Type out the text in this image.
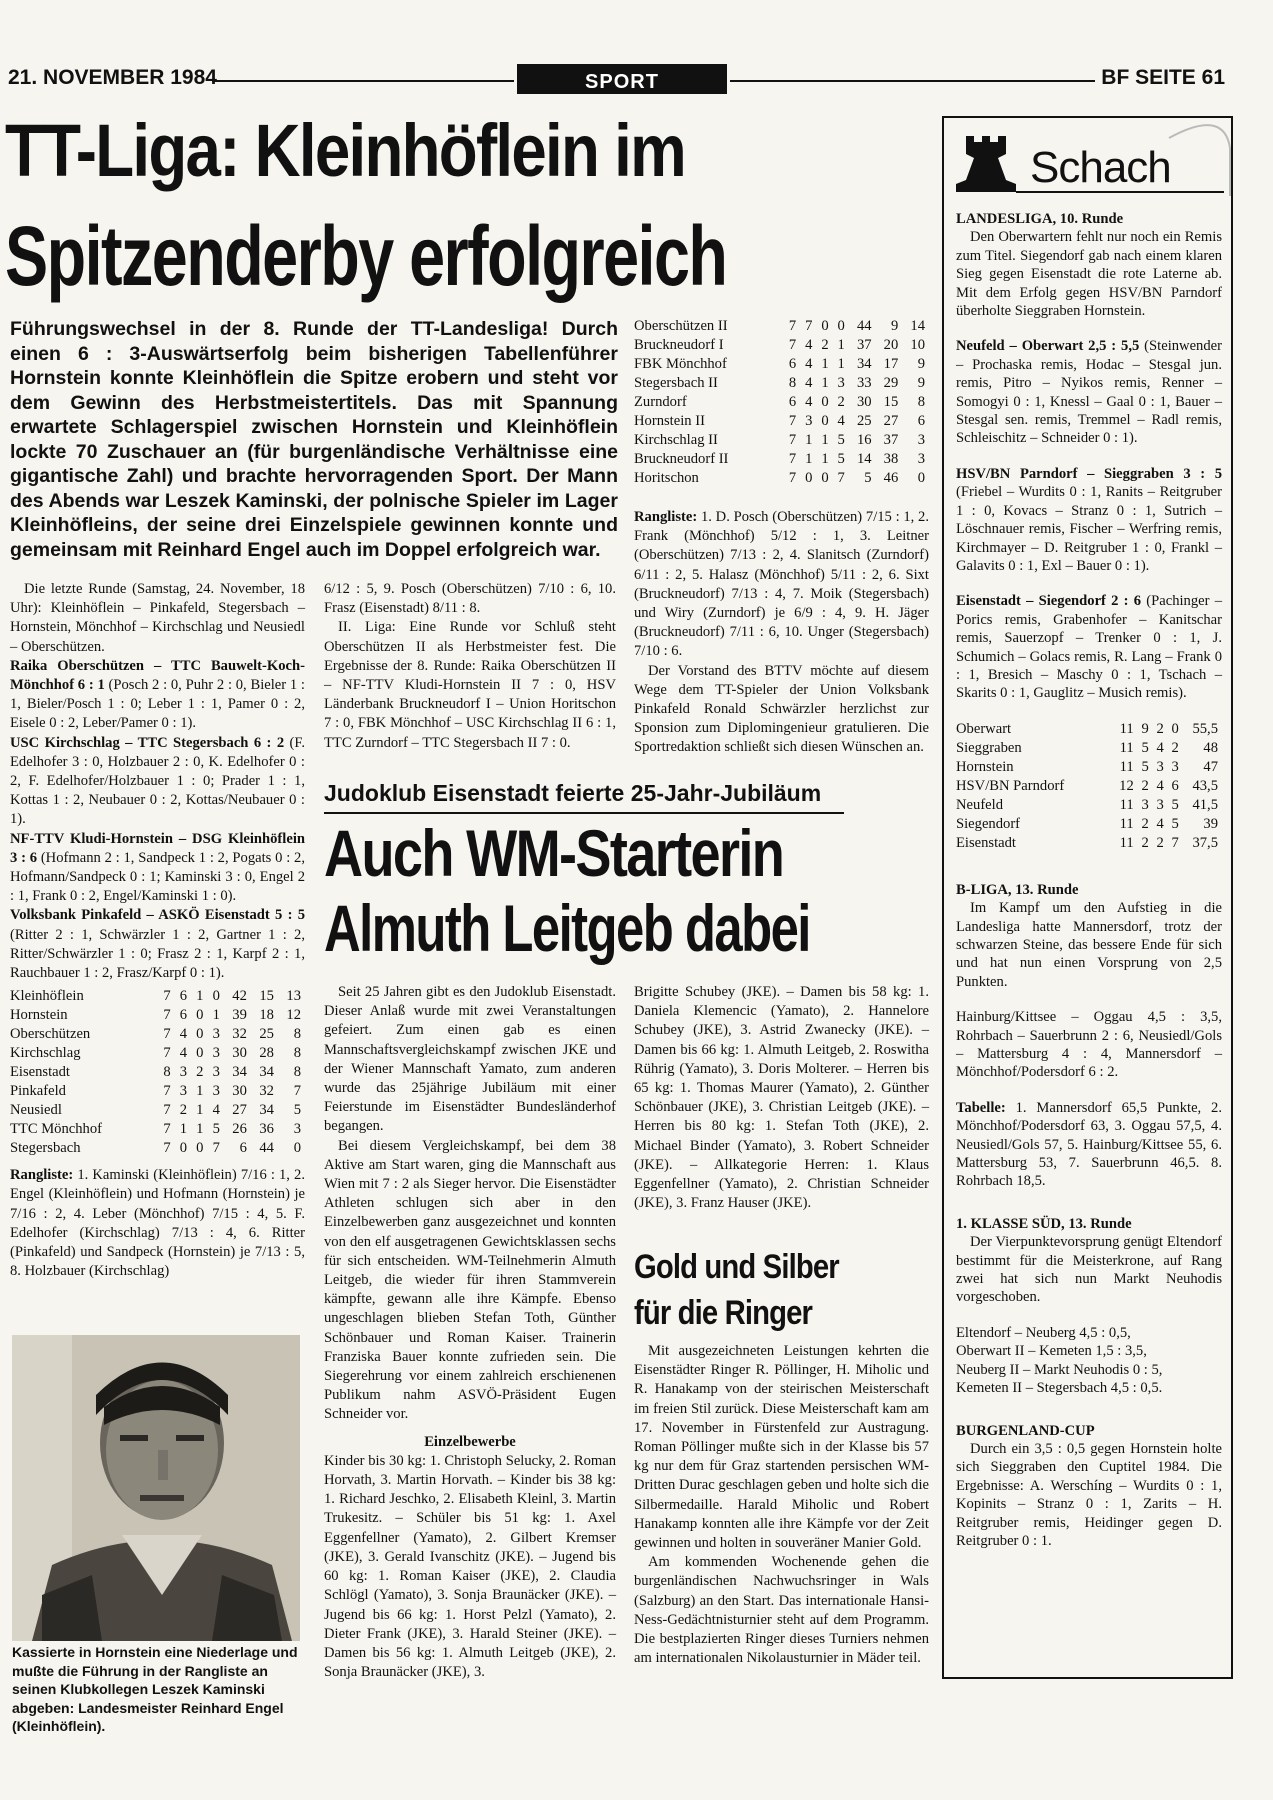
21. NOVEMBER 1984	SPORT	BF SEITE 61
TT-Liga: Kleinhöflein im
Spitzenderby erfolgreich
Führungswechsel in der 8. Runde der TT-Landesliga! Durch einen 6 : 3-Auswärtserfolg beim bisherigen Tabellenführer Hornstein konnte Kleinhöflein die Spitze erobern und steht vor dem Gewinn des Herbstmeistertitels. Das mit Spannung erwartete Schlagerspiel zwischen Hornstein und Kleinhöflein lockte 70 Zuschauer an (für burgenländische Verhältnisse eine gigantische Zahl) und brachte hervorragenden Sport. Der Mann des Abends war Leszek Kaminski, der polnische Spieler im Lager Kleinhöfleins, der seine drei Einzelspiele gewinnen konnte und gemeinsam mit Reinhard Engel auch im Doppel erfolgreich war.

Die letzte Runde (Samstag, 24. November, 18 Uhr): Kleinhöflein – Pinkafeld, Stegersbach – Hornstein, Mönchhof – Kirchschlag und Neusiedl – Oberschützen.

Raika Oberschützen – TTC Bauwelt-Koch-Mönchhof 6 : 1 (Posch 2 : 0, Puhr 2 : 0, Bieler 1 : 1, Bieler/Posch 1 : 0; Leber 1 : 1, Pamer 0 : 2, Eisele 0 : 2, Leber/Pamer 0 : 1).

USC Kirchschlag – TTC Stegersbach 6 : 2 (F. Edelhofer 3 : 0, Holzbauer 2 : 0, K. Edelhofer 0 : 2, F. Edelhofer/Holzbauer 1 : 0; Prader 1 : 1, Kottas 1 : 2, Neubauer 0 : 2, Kottas/Neubauer 0 : 1).

NF-TTV Kludi-Hornstein – DSG Kleinhöflein 3 : 6 (Hofmann 2 : 1, Sandpeck 1 : 2, Pogats 0 : 2, Hofmann/Sandpeck 0 : 1; Kaminski 3 : 0, Engel 2 : 1, Frank 0 : 2, Engel/Kaminski 1 : 0).

Volksbank Pinkafeld – ASKÖ Eisenstadt 5 : 5 (Ritter 2 : 1, Schwärzler 1 : 2, Gartner 1 : 2, Ritter/Schwärzler 1 : 0; Frasz 2 : 1, Karpf 2 : 1, Rauchbauer 1 : 2, Frasz/Karpf 0 : 1).

Kleinhöflein	7	6	1	0	42	15	13
Hornstein	7	6	0	1	39	18	12
Oberschützen	7	4	0	3	32	25	8
Kirchschlag	7	4	0	3	30	28	8
Eisenstadt	8	3	2	3	34	34	8
Pinkafeld	7	3	1	3	30	32	7
Neusiedl	7	2	1	4	27	34	5
TTC Mönchhof	7	1	1	5	26	36	3
Stegersbach	7	0	0	7	6	44	0

Rangliste: 1. Kaminski (Kleinhöflein) 7/16 : 1, 2. Engel (Kleinhöflein) und Hofmann (Hornstein) je 7/16 : 2, 4. Leber (Mönchhof) 7/15 : 4, 5. F. Edelhofer (Kirchschlag) 7/13 : 4, 6. Ritter (Pinkafeld) und Sandpeck (Hornstein) je 7/13 : 5, 8. Holzbauer (Kirchschlag)

6/12 : 5, 9. Posch (Oberschützen) 7/10 : 6, 10. Frasz (Eisenstadt) 8/11 : 8.

II. Liga: Eine Runde vor Schluß steht Oberschützen II als Herbstmeister fest. Die Ergebnisse der 8. Runde: Raika Oberschützen II – NF-TTV Kludi-Hornstein II 7 : 0, HSV Länderbank Bruckneudorf I – Union Horitschon 7 : 0, FBK Mönchhof – USC Kirchschlag II 6 : 1, TTC Zurndorf – TTC Stegersbach II 7 : 0.

Oberschützen II	7	7	0	0	44	9	14
Bruckneudorf I	7	4	2	1	37	20	10
FBK Mönchhof	6	4	1	1	34	17	9
Stegersbach II	8	4	1	3	33	29	9
Zurndorf	6	4	0	2	30	15	8
Hornstein II	7	3	0	4	25	27	6
Kirchschlag II	7	1	1	5	16	37	3
Bruckneudorf II	7	1	1	5	14	38	3
Horitschon	7	0	0	7	5	46	0

Rangliste: 1. D. Posch (Oberschützen) 7/15 : 1, 2. Frank (Mönchhof) 5/12 : 1, 3. Leitner (Oberschützen) 7/13 : 2, 4. Slanitsch (Zurndorf) 6/11 : 2, 5. Halasz (Mönchhof) 5/11 : 2, 6. Sixt (Bruckneudorf) 7/13 : 4, 7. Moik (Stegersbach) und Wiry (Zurndorf) je 6/9 : 4, 9. H. Jäger (Bruckneudorf) 7/11 : 6, 10. Unger (Stegersbach) 7/10 : 6.

Der Vorstand des BTTV möchte auf diesem Wege dem TT-Spieler der Union Volksbank Pinkafeld Ronald Schwärzler herzlichst zur Sponsion zum Diplomingenieur gratulieren. Die Sportredaktion schließt sich diesen Wünschen an.

Judoklub Eisenstadt feierte 25-Jahr-Jubiläum
Auch WM-Starterin
Almuth Leitgeb dabei

Seit 25 Jahren gibt es den Judoklub Eisenstadt. Dieser Anlaß wurde mit zwei Veranstaltungen gefeiert. Zum einen gab es einen Mannschaftsvergleichskampf zwischen JKE und der Wiener Mannschaft Yamato, zum anderen wurde das 25jährige Jubiläum mit einer Feierstunde im Eisenstädter Bundesländerhof begangen.

Bei diesem Vergleichskampf, bei dem 38 Aktive am Start waren, ging die Mannschaft aus Wien mit 7 : 2 als Sieger hervor. Die Eisenstädter Athleten schlugen sich aber in den Einzelbewerben ganz ausgezeichnet und konnten von den elf ausgetragenen Gewichtsklassen sechs für sich entscheiden. WM-Teilnehmerin Almuth Leitgeb, die wieder für ihren Stammverein kämpfte, gewann alle ihre Kämpfe. Ebenso ungeschlagen blieben Stefan Toth, Günther Schönbauer und Roman Kaiser. Trainerin Franziska Bauer konnte zufrieden sein. Die Siegerehrung vor einem zahlreich erschienenen Publikum nahm ASVÖ-Präsident Eugen Schneider vor.

Einzelbewerbe

Kinder bis 30 kg: 1. Christoph Selucky, 2. Roman Horvath, 3. Martin Horvath. – Kinder bis 38 kg: 1. Richard Jeschko, 2. Elisabeth Kleinl, 3. Martin Trukesitz. – Schüler bis 51 kg: 1. Axel Eggenfellner (Yamato), 2. Gilbert Kremser (JKE), 3. Gerald Ivanschitz (JKE). – Jugend bis 60 kg: 1. Roman Kaiser (JKE), 2. Claudia Schlögl (Yamato), 3. Sonja Braunäcker (JKE). – Jugend bis 66 kg: 1. Horst Pelzl (Yamato), 2. Dieter Frank (JKE), 3. Harald Steiner (JKE). – Damen bis 56 kg: 1. Almuth Leitgeb (JKE), 2. Sonja Braunäcker (JKE), 3.

Brigitte Schubey (JKE). – Damen bis 58 kg: 1. Daniela Klemencic (Yamato), 2. Hannelore Schubey (JKE), 3. Astrid Zwanecky (JKE). – Damen bis 66 kg: 1. Almuth Leitgeb, 2. Roswitha Rührig (Yamato), 3. Doris Molterer. – Herren bis 65 kg: 1. Thomas Maurer (Yamato), 2. Günther Schönbauer (JKE), 3. Christian Leitgeb (JKE). – Herren bis 80 kg: 1. Stefan Toth (JKE), 2. Michael Binder (Yamato), 3. Robert Schneider (JKE). – Allkategorie Herren: 1. Klaus Eggenfellner (Yamato), 2. Christian Schneider (JKE), 3. Franz Hauser (JKE).

Gold und Silber
für die Ringer

Mit ausgezeichneten Leistungen kehrten die Eisenstädter Ringer R. Pöllinger, H. Miholic und R. Hanakamp von der steirischen Meisterschaft im freien Stil zurück. Diese Meisterschaft kam am 17. November in Fürstenfeld zur Austragung. Roman Pöllinger mußte sich in der Klasse bis 57 kg nur dem für Graz startenden persischen WM-Dritten Durac geschlagen geben und holte sich die Silbermedaille. Harald Miholic und Robert Hanakamp konnten alle ihre Kämpfe vor der Zeit gewinnen und holten in souveräner Manier Gold.

Am kommenden Wochenende gehen die burgenländischen Nachwuchsringer in Wals (Salzburg) an den Start. Das internationale Hansi-Ness-Gedächtnisturnier steht auf dem Programm. Die bestplazierten Ringer dieses Turniers nehmen am internationalen Nikolausturnier in Mäder teil.

Kassierte in Hornstein eine Niederlage und mußte die Führung in der Rangliste an seinen Klubkollegen Leszek Kaminski abgeben: Landesmeister Reinhard Engel (Kleinhöflein).
Schach

LANDESLIGA, 10. Runde

Den Oberwartern fehlt nur noch ein Remis zum Titel. Siegendorf gab nach einem klaren Sieg gegen Eisenstadt die rote Laterne ab. Mit dem Erfolg gegen HSV/BN Parndorf überholte Sieggraben Hornstein.

Neufeld – Oberwart 2,5 : 5,5 (Steinwender – Prochaska remis, Hodac – Stesgal jun. remis, Pitro – Nyikos remis, Renner – Somogyi 0 : 1, Knessl – Gaal 0 : 1, Bauer – Stesgal sen. remis, Tremmel – Radl remis, Schleischitz – Schneider 0 : 1).

HSV/BN Parndorf – Sieggraben 3 : 5 (Friebel – Wurdits 0 : 1, Ranits – Reitgruber 1 : 0, Kovacs – Stranz 0 : 1, Sutrich – Löschnauer remis, Fischer – Werfring remis, Kirchmayer – D. Reitgruber 1 : 0, Frankl – Galavits 0 : 1, Exl – Bauer 0 : 1).

Eisenstadt – Siegendorf 2 : 6 (Pachinger – Porics remis, Grabenhofer – Kanitschar remis, Sauerzopf – Trenker 0 : 1, J. Schumich – Golacs remis, R. Lang – Frank 0 : 1, Bresich – Maschy 0 : 1, Tschach – Skarits 0 : 1, Gauglitz – Musich remis).

Oberwart	11	9	2	0	55,5
Sieggraben	11	5	4	2	48
Hornstein	11	5	3	3	47
HSV/BN Parndorf	12	2	4	6	43,5
Neufeld	11	3	3	5	41,5
Siegendorf	11	2	4	5	39
Eisenstadt	11	2	2	7	37,5

B-LIGA, 13. Runde

Im Kampf um den Aufstieg in die Landesliga hatte Mannersdorf, trotz der schwarzen Steine, das bessere Ende für sich und hat nun einen Vorsprung von 2,5 Punkten.

Hainburg/Kittsee – Oggau 4,5 : 3,5, Rohrbach – Sauerbrunn 2 : 6, Neusiedl/Gols – Mattersburg 4 : 4, Mannersdorf – Mönchhof/Podersdorf 6 : 2.

Tabelle: 1. Mannersdorf 65,5 Punkte, 2. Mönchhof/Podersdorf 63, 3. Oggau 57,5, 4. Neusiedl/Gols 57, 5. Hainburg/Kittsee 55, 6. Mattersburg 53, 7. Sauerbrunn 46,5. 8. Rohrbach 18,5.

1. KLASSE SÜD, 13. Runde

Der Vierpunktevorsprung genügt Eltendorf bestimmt für die Meisterkrone, auf Rang zwei hat sich nun Markt Neuhodis vorgeschoben.

Eltendorf – Neuberg 4,5 : 0,5,

Oberwart II – Kemeten 1,5 : 3,5,

Neuberg II – Markt Neuhodis 0 : 5,

Kemeten II – Stegersbach 4,5 : 0,5.

BURGENLAND-CUP

Durch ein 3,5 : 0,5 gegen Hornstein holte sich Sieggraben den Cuptitel 1984. Die Ergebnisse: A. Werschíng – Wurdits 0 : 1, Kopinits – Stranz 0 : 1, Zarits – H. Reitgruber remis, Heidinger gegen D. Reitgruber 0 : 1.
